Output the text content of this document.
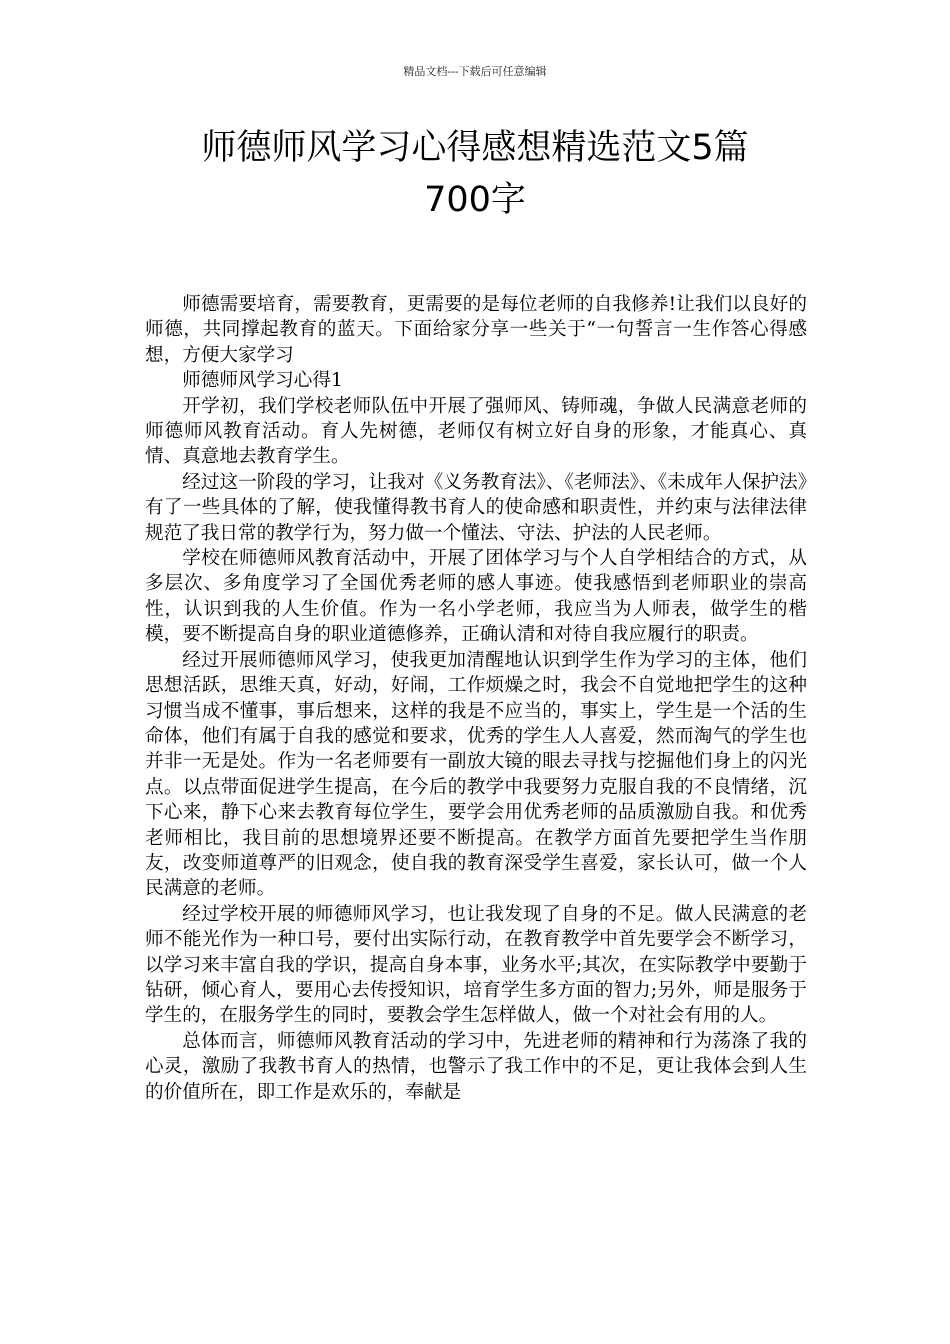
精品文档---下载后可任意编辑
师德师风学习心得感想精选范文5篇
700字

师德需要培育，需要教育，更需要的是每位老师的自我修养!让我们以良好的师德，共同撑起教育的蓝天。下面给家分享一些关于“一句誓言一生作答心得感想，方便大家学习

师德师风学习心得1

开学初，我们学校老师队伍中开展了强师风、铸师魂，争做人民满意老师的师德师风教育活动。育人先树德，老师仅有树立好自身的形象，才能真心、真情、真意地去教育学生。

经过这一阶段的学习，让我对《义务教育法》、《老师法》、《未成年人保护法》有了一些具体的了解，使我懂得教书育人的使命感和职责性，并约束与法律法律规范了我日常的教学行为，努力做一个懂法、守法、护法的人民老师。

学校在师德师风教育活动中，开展了团体学习与个人自学相结合的方式，从多层次、多角度学习了全国优秀老师的感人事迹。使我感悟到老师职业的崇高性，认识到我的人生价值。作为一名小学老师，我应当为人师表，做学生的楷模，要不断提高自身的职业道德修养，正确认清和对待自我应履行的职责。

经过开展师德师风学习，使我更加清醒地认识到学生作为学习的主体，他们思想活跃，思维天真，好动，好闹，工作烦燥之时，我会不自觉地把学生的这种习惯当成不懂事，事后想来，这样的我是不应当的，事实上，学生是一个活的生命体，他们有属于自我的感觉和要求，优秀的学生人人喜爱，然而淘气的学生也并非一无是处。作为一名老师要有一副放大镜的眼去寻找与挖掘他们身上的闪光点。以点带面促进学生提高，在今后的教学中我要努力克服自我的不良情绪，沉下心来，静下心来去教育每位学生，要学会用优秀老师的品质激励自我。和优秀老师相比，我目前的思想境界还要不断提高。在教学方面首先要把学生当作朋友，改变师道尊严的旧观念，使自我的教育深受学生喜爱，家长认可，做一个人民满意的老师。

经过学校开展的师德师风学习，也让我发现了自身的不足。做人民满意的老师不能光作为一种口号，要付出实际行动，在教育教学中首先要学会不断学习，以学习来丰富自我的学识，提高自身本事，业务水平;其次，在实际教学中要勤于钻研，倾心育人，要用心去传授知识，培育学生多方面的智力;另外，师是服务于学生的，在服务学生的同时，要教会学生怎样做人，做一个对社会有用的人。

总体而言，师德师风教育活动的学习中，先进老师的精神和行为荡涤了我的心灵，激励了我教书育人的热情，也警示了我工作中的不足，更让我体会到人生的价值所在，即工作是欢乐的，奉献是
